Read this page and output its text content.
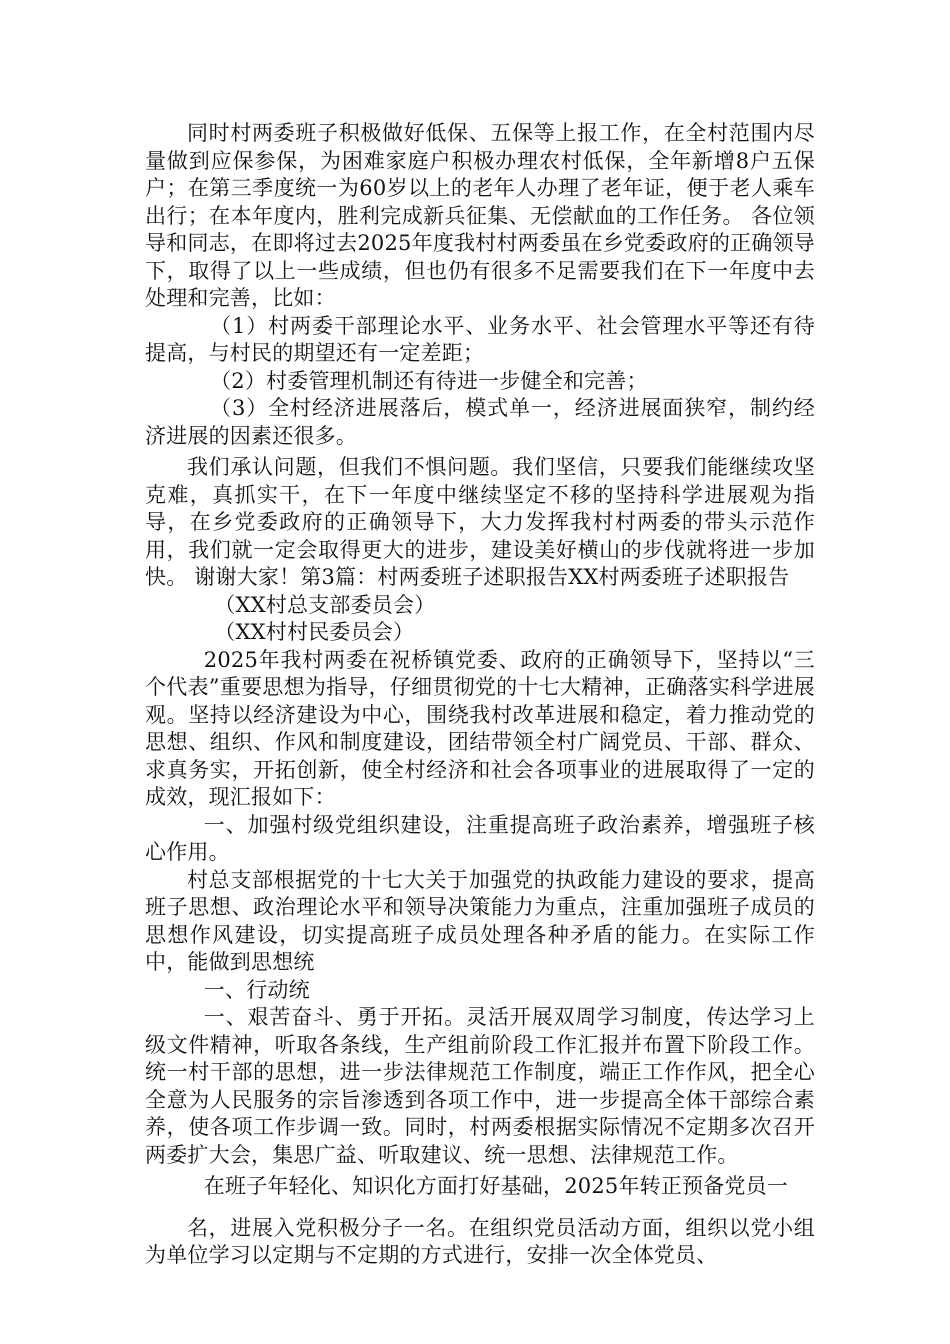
同时村两委班子积极做好低保、五保等上报工作，在全村范围内尽量做到应保参保，为困难家庭户积极办理农村低保，全年新增8户五保户；在第三季度统一为60岁以上的老年人办理了老年证，便于老人乘车出行；在本年度内，胜利完成新兵征集、无偿献血的工作任务。 各位领导和同志，在即将过去2025年度我村村两委虽在乡党委政府的正确领导下，取得了以上一些成绩，但也仍有很多不足需要我们在下一年度中去处理和完善，比如：

（1）村两委干部理论水平、业务水平、社会管理水平等还有待提高，与村民的期望还有一定差距；

（2）村委管理机制还有待进一步健全和完善；

（3）全村经济进展落后，模式单一，经济进展面狭窄，制约经济进展的因素还很多。

我们承认问题，但我们不惧问题。我们坚信，只要我们能继续攻坚克难，真抓实干，在下一年度中继续坚定不移的坚持科学进展观为指导，在乡党委政府的正确领导下，大力发挥我村村两委的带头示范作用，我们就一定会取得更大的进步，建设美好横山的步伐就将进一步加快。 谢谢大家！第3篇：村两委班子述职报告XX村两委班子述职报告

（XX村总支部委员会）

（XX村村民委员会）

2025年我村两委在祝桥镇党委、政府的正确领导下，坚持以“三个代表”重要思想为指导，仔细贯彻党的十七大精神，正确落实科学进展观。坚持以经济建设为中心，围绕我村改革进展和稳定，着力推动党的思想、组织、作风和制度建设，团结带领全村广阔党员、干部、群众、求真务实，开拓创新，使全村经济和社会各项事业的进展取得了一定的成效，现汇报如下：

一、加强村级党组织建设，注重提高班子政治素养，增强班子核心作用。

村总支部根据党的十七大关于加强党的执政能力建设的要求，提高班子思想、政治理论水平和领导决策能力为重点，注重加强班子成员的思想作风建设，切实提高班子成员处理各种矛盾的能力。在实际工作中，能做到思想统

一、行动统

一、艰苦奋斗、勇于开拓。灵活开展双周学习制度，传达学习上级文件精神，听取各条线，生产组前阶段工作汇报并布置下阶段工作。统一村干部的思想，进一步法律规范工作制度，端正工作作风，把全心全意为人民服务的宗旨渗透到各项工作中，进一步提高全体干部综合素养，使各项工作步调一致。同时，村两委根据实际情况不定期多次召开两委扩大会，集思广益、听取建议、统一思想、法律规范工作。

在班子年轻化、知识化方面打好基础，2025年转正预备党员一

名，进展入党积极分子一名。在组织党员活动方面，组织以党小组为单位学习以定期与不定期的方式进行，安排一次全体党员、
